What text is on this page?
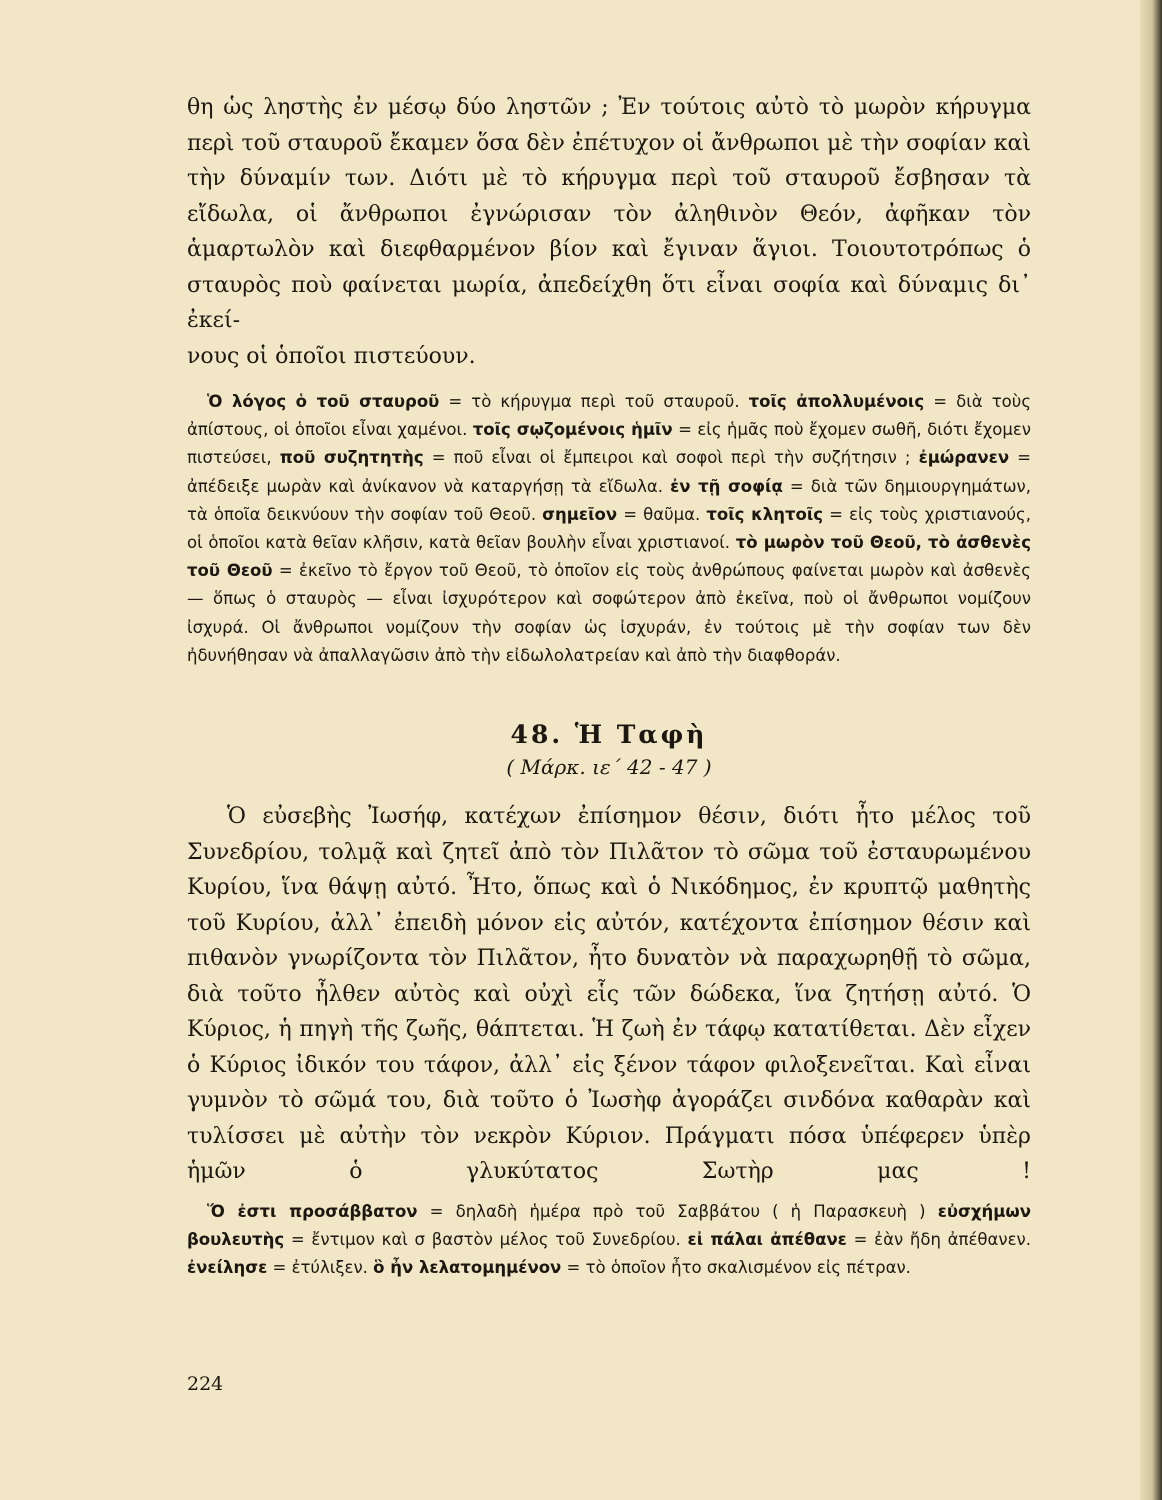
θη ὡς ληστὴς ἐν μέσῳ δύο ληστῶν ; Ἐν τούτοις αὐτὸ τὸ μωρὸν κήρυγμα περὶ τοῦ σταυροῦ ἔκαμεν ὅσα δὲν ἐπέτυχον οἱ ἄνθρωποι μὲ τὴν σοφίαν καὶ τὴν δύναμίν των. Διότι μὲ τὸ κήρυγμα περὶ τοῦ σταυροῦ ἔσβησαν τὰ εἴδωλα, οἱ ἄνθρωποι ἐγνώρισαν τὸν ἀληθινὸν Θεόν, ἀφῆκαν τὸν ἁμαρτωλὸν καὶ διεφθαρμένον βίον καὶ ἔγιναν ἅγιοι. Τοιουτοτρόπως ὁ σταυρὸς ποὺ φαίνεται μωρία, ἀπεδείχθη ὅτι εἶναι σοφία καὶ δύναμις δι᾽ ἐκεί-
νους οἱ ὁποῖοι πιστεύουν.

Ὁ λόγος ὁ τοῦ σταυροῦ = τὸ κήρυγμα περὶ τοῦ σταυροῦ. τοῖς ἀπολλυμένοις = διὰ τοὺς ἀπίστους, οἱ ὁποῖοι εἶναι χαμένοι. τοῖς σῳζομένοις ἡμῖν = εἰς ἡμᾶς ποὺ ἔχομεν σωθῆ, διότι ἔχομεν πιστεύσει, ποῦ συζητητὴς = ποῦ εἶναι οἱ ἔμπειροι καὶ σοφοὶ περὶ τὴν συζήτησιν ; ἐμώρανεν = ἀπέδειξε μωρὰν καὶ ἀνίκανον νὰ καταργήσῃ τὰ εἴδωλα. ἐν τῇ σοφίᾳ = διὰ τῶν δημιουργημάτων, τὰ ὁποῖα δεικνύουν τὴν σοφίαν τοῦ Θεοῦ. σημεῖον = θαῦμα. τοῖς κλητοῖς = εἰς τοὺς χριστιανούς, οἱ ὁποῖοι κατὰ θεῖαν κλῆσιν, κατὰ θεῖαν βουλὴν εἶναι χριστιανοί. τὸ μωρὸν τοῦ Θεοῦ, τὸ ἀσθενὲς τοῦ Θεοῦ = ἐκεῖνο τὸ ἔργον τοῦ Θεοῦ, τὸ ὁποῖον εἰς τοὺς ἀνθρώπους φαίνεται μωρὸν καὶ ἀσθενὲς — ὅπως ὁ σταυρὸς — εἶναι ἰσχυρότερον καὶ σοφώτερον ἀπὸ ἐκεῖνα, ποὺ οἱ ἄνθρωποι νομίζουν ἰσχυρά. Οἱ ἄνθρωποι νομίζουν τὴν σοφίαν ὡς ἰσχυράν, ἐν τούτοις μὲ τὴν σοφίαν των δὲν ἠδυνήθησαν νὰ ἀπαλλαγῶσιν ἀπὸ τὴν εἰδωλολατρείαν καὶ ἀπὸ τὴν διαφθοράν.

48. Ἡ Ταφὴ
( Μάρκ. ιε΄ 42 - 47 )

Ὁ εὐσεβὴς Ἰωσήφ, κατέχων ἐπίσημον θέσιν, διότι ἦτο μέλος τοῦ Συνεδρίου, τολμᾷ καὶ ζητεῖ ἀπὸ τὸν Πιλᾶτον τὸ σῶμα τοῦ ἐσταυρωμένου Κυρίου, ἵνα θάψῃ αὐτό. Ἦτο, ὅπως καὶ ὁ Νικόδημος, ἐν κρυπτῷ μαθητὴς τοῦ Κυρίου, ἀλλ᾽ ἐπειδὴ μόνον εἰς αὐτόν, κατέχοντα ἐπίσημον θέσιν καὶ πιθανὸν γνωρίζοντα τὸν Πιλᾶτον, ἦτο δυνατὸν νὰ παραχωρηθῇ τὸ σῶμα, διὰ τοῦτο ἦλθεν αὐτὸς καὶ οὐχὶ εἷς τῶν δώδεκα, ἵνα ζητήσῃ αὐτό. Ὁ Κύριος, ἡ πηγὴ τῆς ζωῆς, θάπτεται. Ἡ ζωὴ ἐν τάφῳ κατατίθεται. Δὲν εἶχεν ὁ Κύριος ἰδικόν του τάφον, ἀλλ᾽ εἰς ξένον τάφον φιλοξενεῖται. Καὶ εἶναι γυμνὸν τὸ σῶμά του, διὰ τοῦτο ὁ Ἰωσὴφ ἀγοράζει σινδόνα καθαρὰν καὶ τυλίσσει μὲ αὐτὴν τὸν νεκρὸν Κύριον. Πράγματι πόσα ὑπέφερεν ὑπὲρ ἡμῶν ὁ γλυκύτατος Σωτὴρ μας !

Ὅ ἐστι προσάββατον = δηλαδὴ ἡμέρα πρὸ τοῦ Σαββάτου ( ἡ Παρασκευὴ ) εὐσχήμων βουλευτὴς = ἔντιμον καὶ σ βαστὸν μέλος τοῦ Συνεδρίου. εἰ πάλαι ἀπέθανε = ἐὰν ἤδη ἀπέθανεν. ἐνείλησε = ἐτύλιξεν. ὃ ἦν λελατομημένον = τὸ ὁποῖον ἦτο σκαλισμένον εἰς πέτραν.

224
